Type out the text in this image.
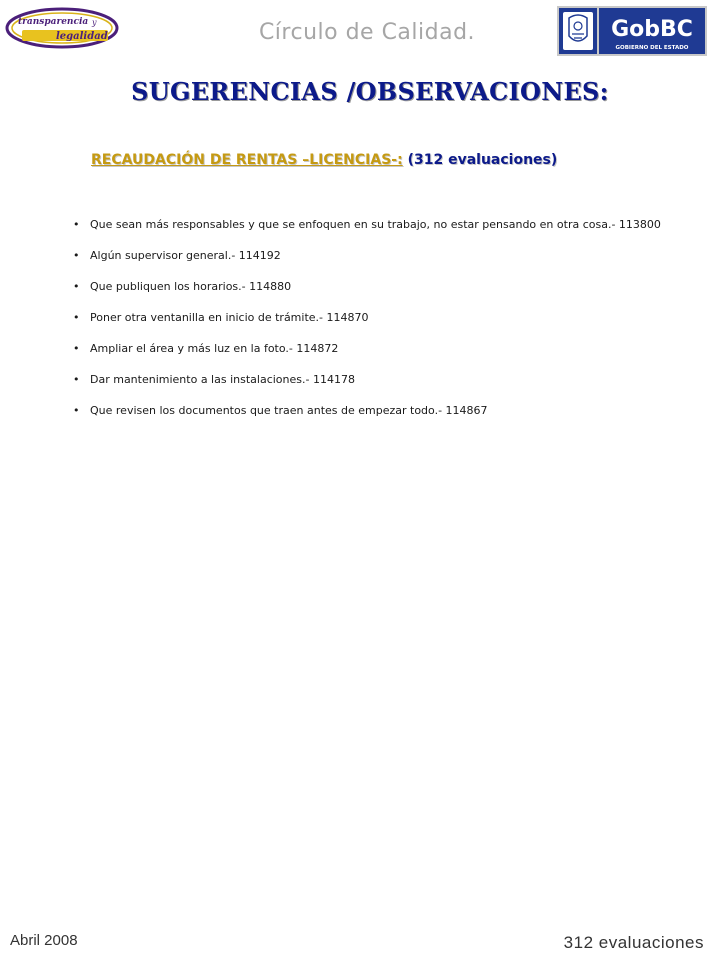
transparencia y
legalidad	Círculo de Calidad.	GobBC
GOBIERNO DEL ESTADO
SUGERENCIAS /OBSERVACIONES:
RECAUDACIÓN DE RENTAS –LICENCIAS-: (312 evaluaciones)
• Que sean más responsables y que se enfoquen en su trabajo, no estar pensando en otra cosa.- 113800
• Algún supervisor general.- 114192
• Que publiquen los horarios.- 114880
• Poner otra ventanilla en inicio de trámite.- 114870
• Ampliar el área y más luz en la foto.- 114872
• Dar mantenimiento a las instalaciones.- 114178
• Que revisen los documentos que traen antes de empezar todo.- 114867
Abril 2008	312 evaluaciones
